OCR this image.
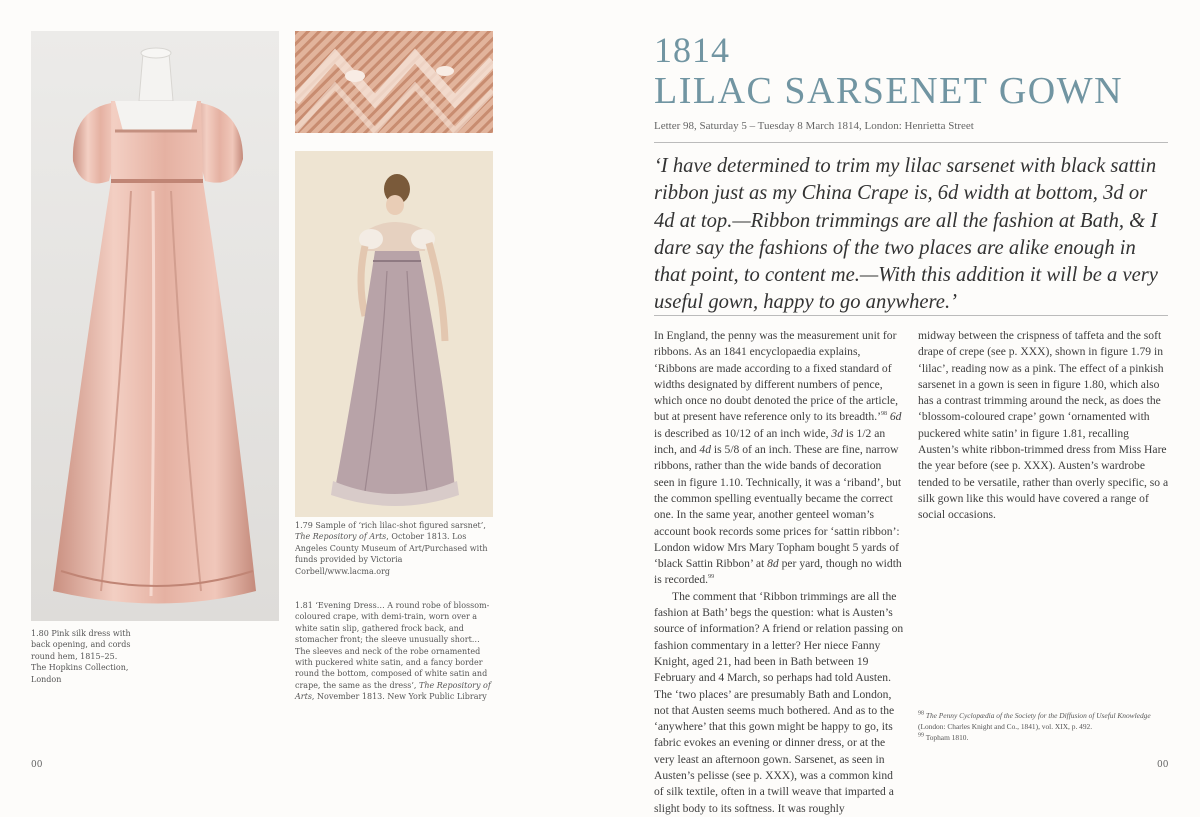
1.80 Pink silk dress with back opening, and cords round hem, 1815–25. The Hopkins Collection, London
1.79 Sample of ‘rich lilac-shot figured sarsnet’, The Repository of Arts, October 1813. Los Angeles County Museum of Art/Purchased with funds provided by Victoria Corbell/www.lacma.org
1.81 ‘Evening Dress… A round robe of blossom-coloured crape, with demi-train, worn over a white satin slip, gathered frock back, and stomacher front; the sleeve unusually short… The sleeves and neck of the robe ornamented with puckered white satin, and a fancy border round the bottom, composed of white satin and crape, the same as the dress’, The Repository of Arts, November 1813. New York Public Library
00
1814
LILAC SARSENET GOWN
Letter 98, Saturday 5 – Tuesday 8 March 1814, London: Henrietta Street
‘I have determined to trim my lilac sarsenet with black sattin ribbon just as my China Crape is, 6d width at bottom, 3d or 4d at top.—Ribbon trimmings are all the fashion at Bath, & I dare say the fashions of the two places are alike enough in that point, to content me.—With this addition it will be a very useful gown, happy to go anywhere.’

In England, the penny was the measurement unit for ribbons. As an 1841 encyclopaedia explains, ‘Ribbons are made according to a fixed standard of widths designated by different numbers of pence, which once no doubt denoted the price of the article, but at present have reference only to its breadth.’$^{98}$ 6d is described as 10/12 of an inch wide, 3d is 1/2 an inch, and 4d is 5/8 of an inch. These are fine, narrow ribbons, rather than the wide bands of decoration seen in figure 1.10. Technically, it was a ‘riband’, but the common spelling eventually became the correct one. In the same year, another genteel woman’s account book records some prices for ‘sattin ribbon’: London widow Mrs Mary Topham bought 5 yards of ‘black Sattin Ribbon’ at 8d per yard, though no width is recorded.$^{99}$

The comment that ‘Ribbon trimmings are all the fashion at Bath’ begs the question: what is Austen’s source of information? A friend or relation passing on fashion commentary in a letter? Her niece Fanny Knight, aged 21, had been in Bath between 19 February and 4 March, so perhaps had told Austen. The ‘two places’ are presumably Bath and London, not that Austen seems much bothered. And as to the ‘anywhere’ that this gown might be happy to go, its fabric evokes an evening or dinner dress, or at the very least an afternoon gown. Sarsenet, as seen in Austen’s pelisse (see p. XXX), was a common kind of silk textile, often in a twill weave that imparted a slight body to its softness. It was roughly

midway between the crispness of taffeta and the soft drape of crepe (see p. XXX), shown in figure 1.79 in ‘lilac’, reading now as a pink. The effect of a pinkish sarsenet in a gown is seen in figure 1.80, which also has a contrast trimming around the neck, as does the ‘blossom-coloured crape’ gown ‘ornamented with puckered white satin’ in figure 1.81, recalling Austen’s white ribbon-trimmed dress from Miss Hare the year before (see p. XXX). Austen’s wardrobe tended to be versatile, rather than overly specific, so a silk gown like this would have covered a range of social occasions.

$^{98}$ The Penny Cyclopædia of the Society for the Diffusion of Useful Knowledge (London: Charles Knight and Co., 1841), vol. XIX, p. 492.
$^{99}$ Topham 1810.
00
